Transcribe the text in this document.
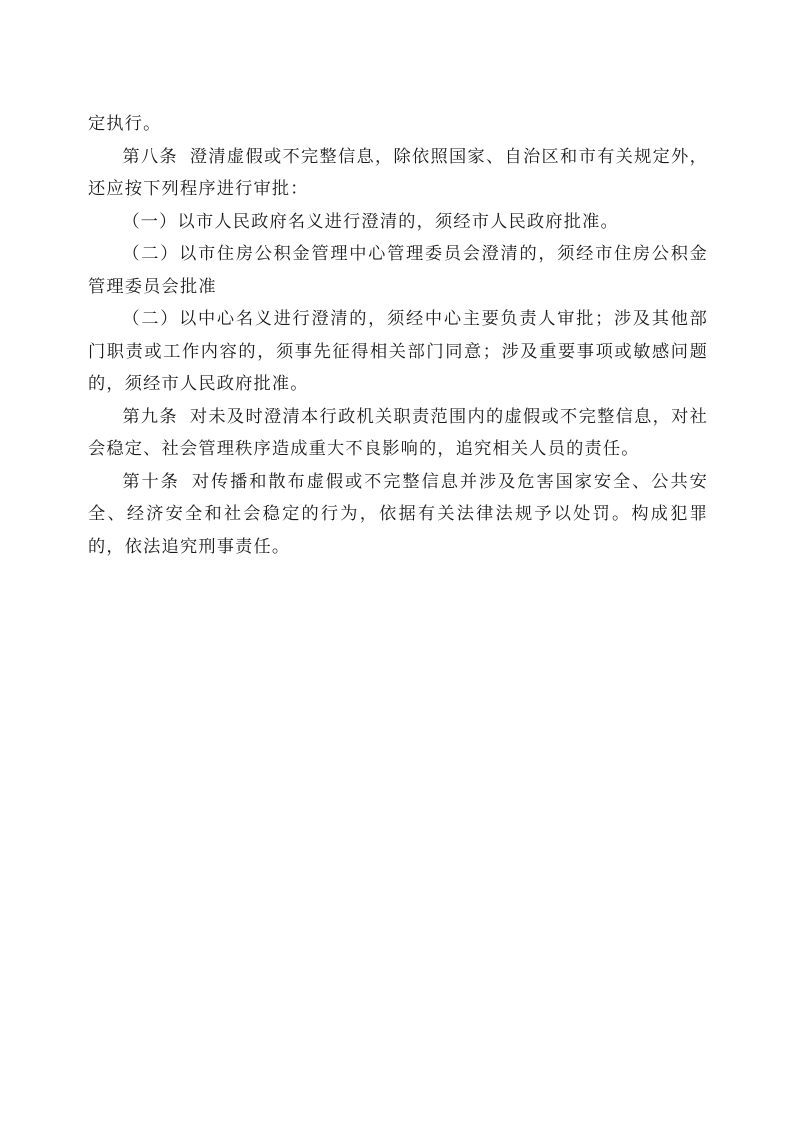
定执行。

第八条 澄清虚假或不完整信息，除依照国家、自治区和市有关规定外，还应按下列程序进行审批：

（一）以市人民政府名义进行澄清的，须经市人民政府批准。

（二）以市住房公积金管理中心管理委员会澄清的，须经市住房公积金管理委员会批准

（二）以中心名义进行澄清的，须经中心主要负责人审批；涉及其他部门职责或工作内容的，须事先征得相关部门同意；涉及重要事项或敏感问题的，须经市人民政府批准。

第九条 对未及时澄清本行政机关职责范围内的虚假或不完整信息，对社会稳定、社会管理秩序造成重大不良影响的，追究相关人员的责任。

第十条 对传播和散布虚假或不完整信息并涉及危害国家安全、公共安全、经济安全和社会稳定的行为，依据有关法律法规予以处罚。构成犯罪的，依法追究刑事责任。
